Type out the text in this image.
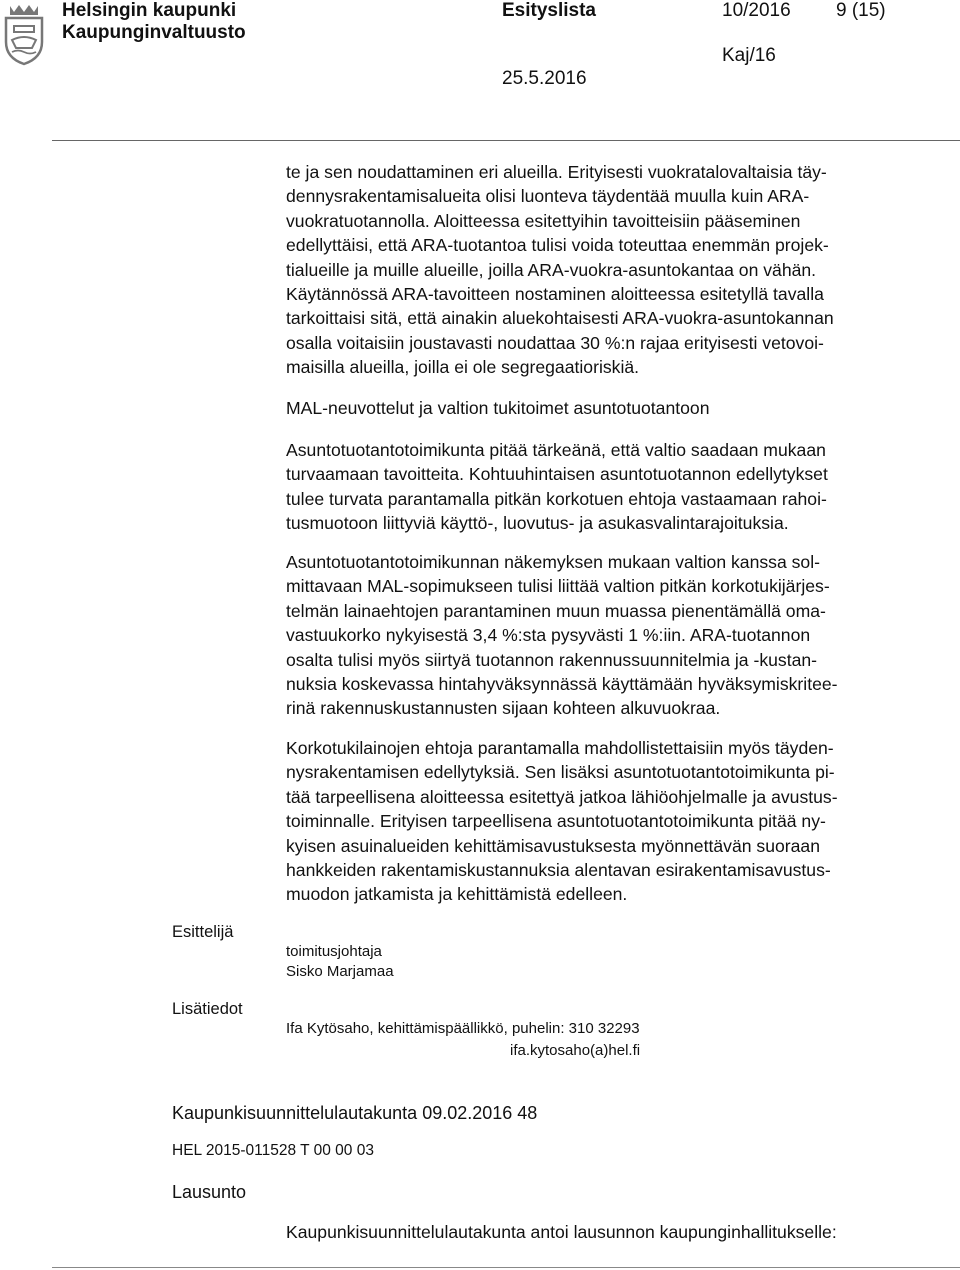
Helsingin kaupunki
Kaupunginvaltuusto
Esityslista	10/2016 9 (15)
Kaj/16
25.5.2016
te ja sen noudattaminen eri alueilla. Erityisesti vuokratalovaltaisia täy-
dennysrakentamisalueita olisi luonteva täydentää muulla kuin ARA-
vuokratuotannolla. Aloitteessa esitettyihin tavoitteisiin pääseminen
edellyttäisi, että ARA-tuotantoa tulisi voida toteuttaa enemmän projek-
tialueille ja muille alueille, joilla ARA-vuokra-asuntokantaa on vähän.
Käytännössä ARA-tavoitteen nostaminen aloitteessa esitetyllä tavalla
tarkoittaisi sitä, että ainakin aluekohtaisesti ARA-vuokra-asuntokannan
osalla voitaisiin joustavasti noudattaa 30 %:n rajaa erityisesti vetovoi-
maisilla alueilla, joilla ei ole segregaatioriskiä.
MAL-neuvottelut ja valtion tukitoimet asuntotuotantoon
Asuntotuotantotoimikunta pitää tärkeänä, että valtio saadaan mukaan
turvaamaan tavoitteita. Kohtuuhintaisen asuntotuotannon edellytykset
tulee turvata parantamalla pitkän korkotuen ehtoja vastaamaan rahoi-
tusmuotoon liittyviä käyttö-, luovutus- ja asukasvalintarajoituksia.
Asuntotuotantotoimikunnan näkemyksen mukaan valtion kanssa sol-
mittavaan MAL-sopimukseen tulisi liittää valtion pitkän korkotukijärjes-
telmän lainaehtojen parantaminen muun muassa pienentämällä oma-
vastuukorko nykyisestä 3,4 %:sta pysyvästi 1 %:iin. ARA-tuotannon
osalta tulisi myös siirtyä tuotannon rakennussuunnitelmia ja -kustan-
nuksia koskevassa hintahyväksynnässä käyttämään hyväksymiskritee-
rinä rakennuskustannusten sijaan kohteen alkuvuokraa.
Korkotukilainojen ehtoja parantamalla mahdollistettaisiin myös täyden-
nysrakentamisen edellytyksiä. Sen lisäksi asuntotuotantotoimikunta pi-
tää tarpeellisena aloitteessa esitettyä jatkoa lähiöohjelmalle ja avustus-
toiminnalle. Erityisen tarpeellisena asuntotuotantotoimikunta pitää ny-
kyisen asuinalueiden kehittämisavustuksesta myönnettävän suoraan
hankkeiden rakentamiskustannuksia alentavan esirakentamisavustus-
muodon jatkamista ja kehittämistä edelleen.
Esittelijä
toimitusjohtaja
Sisko Marjamaa
Lisätiedot
Ifa Kytösaho, kehittämispäällikkö, puhelin: 310 32293
ifa.kytosaho(a)hel.fi
Kaupunkisuunnittelulautakunta 09.02.2016 48
HEL 2015-011528 T 00 00 03
Lausunto
Kaupunkisuunnittelulautakunta antoi lausunnon kaupunginhallitukselle:
